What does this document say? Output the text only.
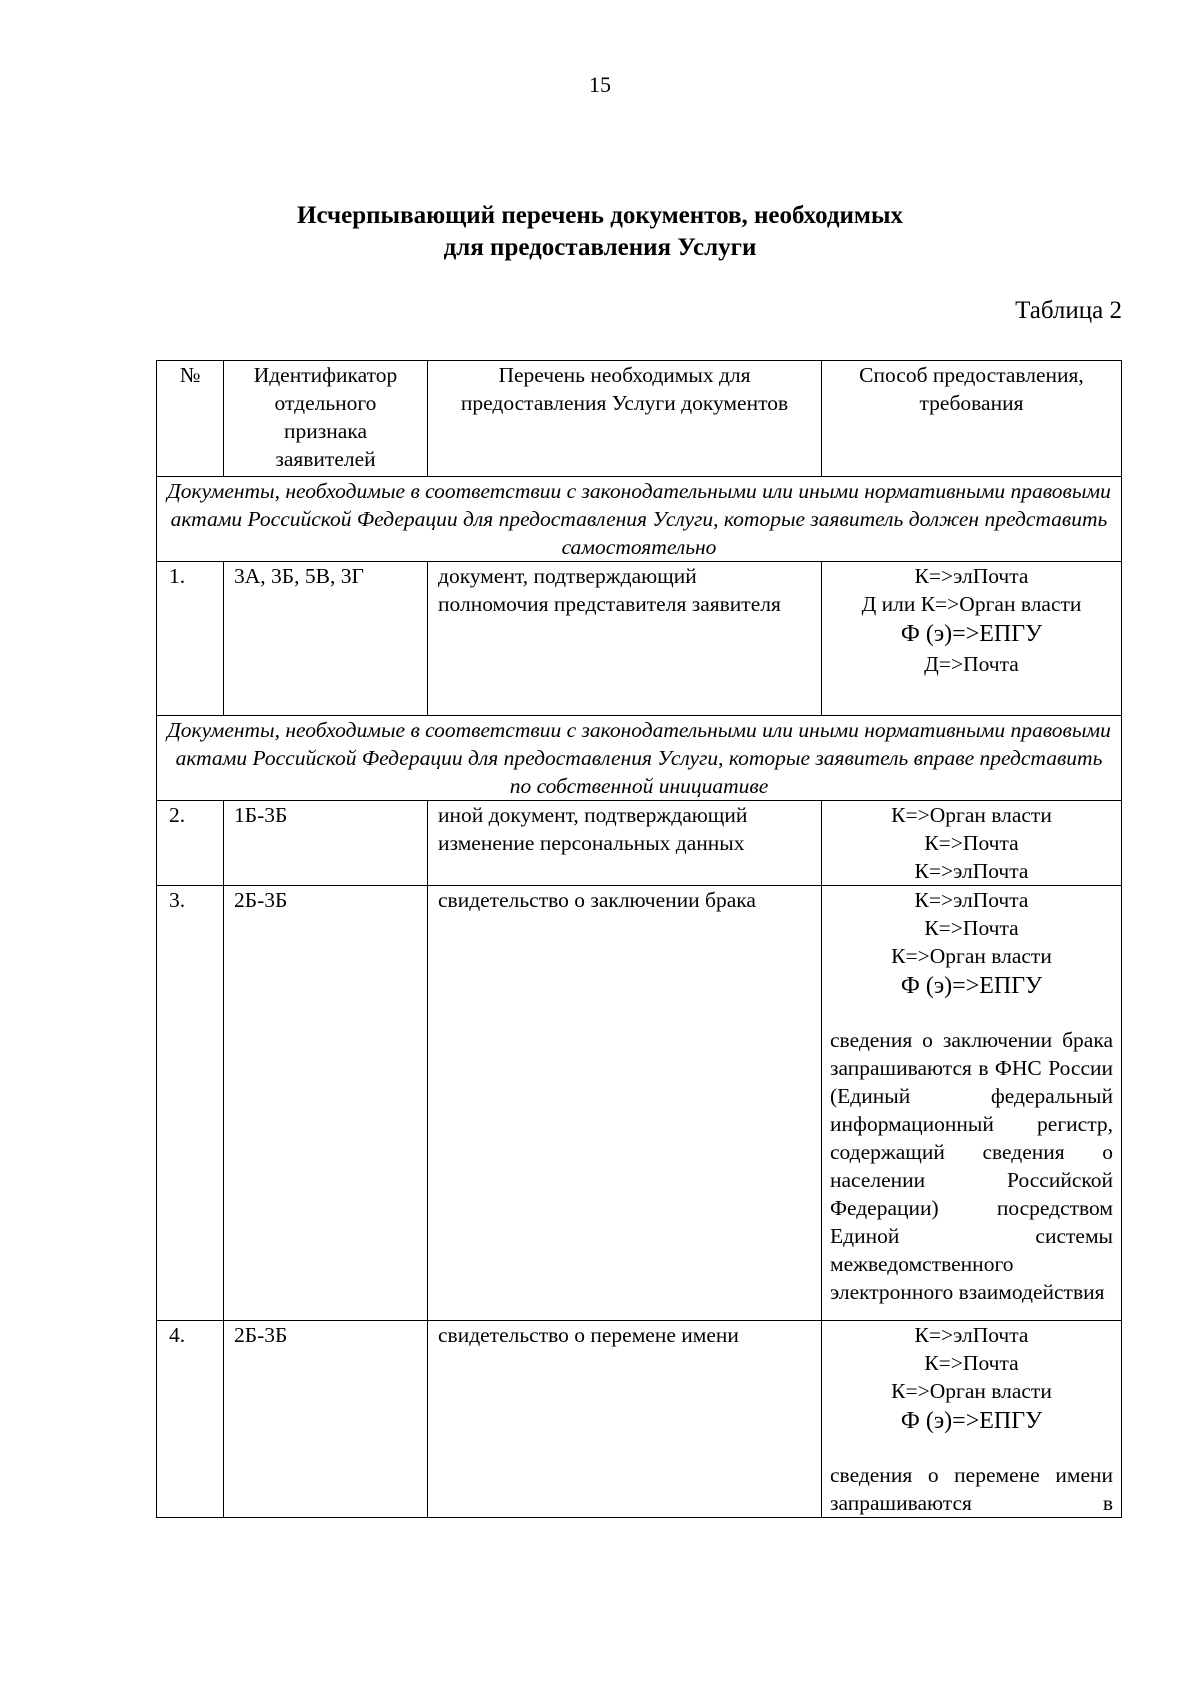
15
Исчерпывающий перечень документов, необходимых
для предоставления Услуги
Таблица 2
№	Идентификатор отдельного признака заявителей	Перечень необходимых для предоставления Услуги документов	Способ предоставления, требования
Документы, необходимые в соответствии с законодательными или иными нормативными правовыми актами Российской Федерации для предоставления Услуги, которые заявитель должен представить самостоятельно			
1.	3А, 3Б, 5В, 3Г	документ, подтверждающий полномочия представителя заявителя	К=>элПочта
Д или К=>Орган власти
Ф (э)=>ЕПГУ
Д=>Почта

Документы, необходимые в соответствии с законодательными или иными нормативными правовыми актами Российской Федерации для предоставления Услуги, которые заявитель вправе представить по собственной инициативе			
2.	1Б-3Б	иной документ, подтверждающий изменение персональных данных	К=>Орган власти
К=>Почта
К=>элПочта

3.	2Б-3Б	свидетельство о заключении брака	К=>элПочта
К=>Почта
К=>Орган власти
Ф (э)=>ЕПГУ
сведения о заключении брака запрашиваются в ФНС России (Единый федеральный информационный регистр, содержащий сведения о населении Российской Федерации) посредством Единой системы межведомственного электронного взаимодействия

4.	2Б-3Б	свидетельство о перемене имени	К=>элПочта
К=>Почта
К=>Орган власти
Ф (э)=>ЕПГУ
сведения о перемене имени запрашиваются в
